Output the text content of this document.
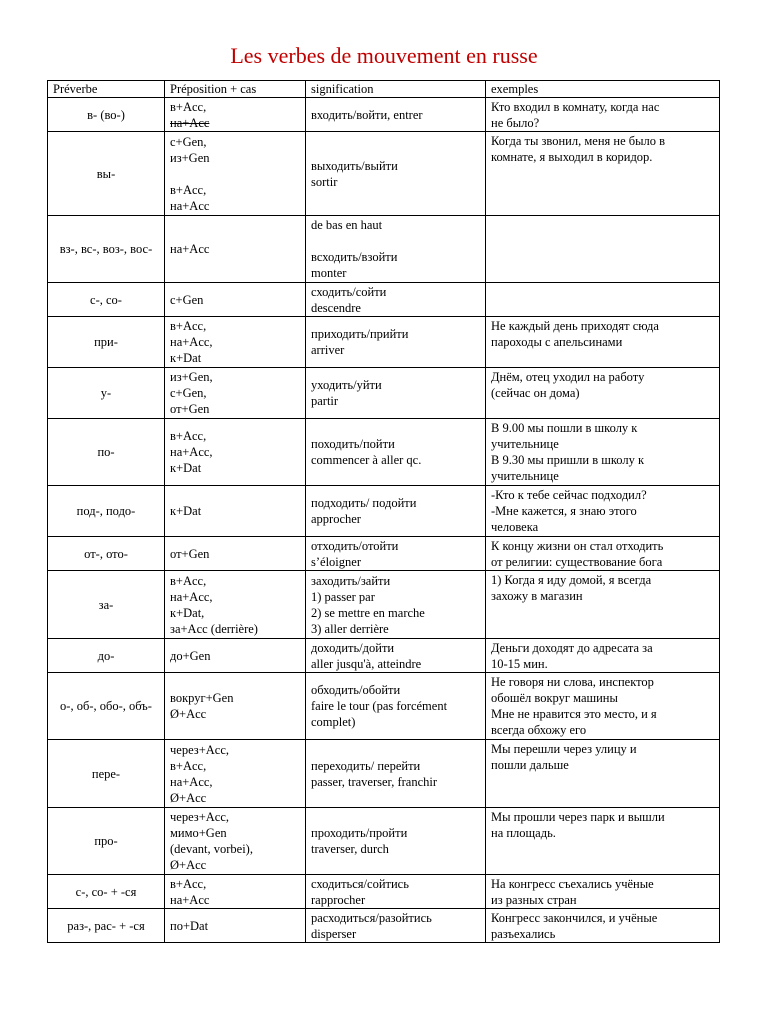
Les verbes de mouvement en russe
Préverbe	Préposition + cas	signification	exemples
в- (во-)	в+Acc,
на+Acc	входить/войти, entrer	Кто входил в комнату, когда нас
не было?

вы-	с+Gen,
из+Gen
в+Acc,
на+Acc	выходить/выйти
sortir	Когда ты звонил, меня не было в
комнате, я выходил в коридор.

вз-, вс-, воз-, вос-	на+Acc	de bas en haut
всходить/взойти
monter	

с-, со-	с+Gen	сходить/сойти
descendre	

при-	в+Acc,
на+Acc,
к+Dat	приходить/прийти
arriver	Не каждый день приходят сюда
пароходы с апельсинами

у-	из+Gen,
с+Gen,
от+Gen	уходить/уйти
partir	Днём, отец уходил на работу
(сейчас он дома)

по-	в+Acc,
на+Acc,
к+Dat	походить/пойти
commencer à aller qc.	В 9.00 мы пошли в школу к
учительнице
В 9.30 мы пришли в школу к
учительнице

под-, подо-	к+Dat	подходить/ подойти
approcher	-Кто к тебе сейчас подходил?
-Мне кажется, я знаю этого
человека

от-, ото-	от+Gen	отходить/отойти
s’éloigner	К концу жизни он стал отходить
от религии: существование бога

за-	в+Acc,
на+Acc,
к+Dat,
за+Acc (derrière)	заходить/зайти
1) passer par
2) se mettre en marche
3) aller derrière	1) Когда я иду домой, я всегда
захожу в магазин

до-	до+Gen	доходить/дойти
aller jusqu'à, atteindre	Деньги доходят до адресата за
10-15 мин.

о-, об-, обо-, объ-	вокруг+Gen
Ø+Acc	обходить/обойти
faire le tour (pas forcément
complet)	Не говоря ни слова, инспектор
обошёл вокруг машины
Мне не нравится это место, и я
всегда обхожу его

пере-	через+Acc,
в+Acc,
на+Acc,
Ø+Acc	переходить/ перейти
passer, traverser, franchir	Мы перешли через улицу и
пошли дальше

про-	через+Acc,
мимо+Gen
(devant, vorbei),
Ø+Acc	проходить/пройти
traverser, durch	Мы прошли через парк и вышли
на площадь.

с-, со- + -ся	в+Acc,
на+Acc	сходиться/сойтись
rapprocher	На конгресс съехались учёные
из разных стран

раз-, рас- + -ся	по+Dat	расходиться/разойтись
disperser	Конгресс закончился, и учёные
разъехались
